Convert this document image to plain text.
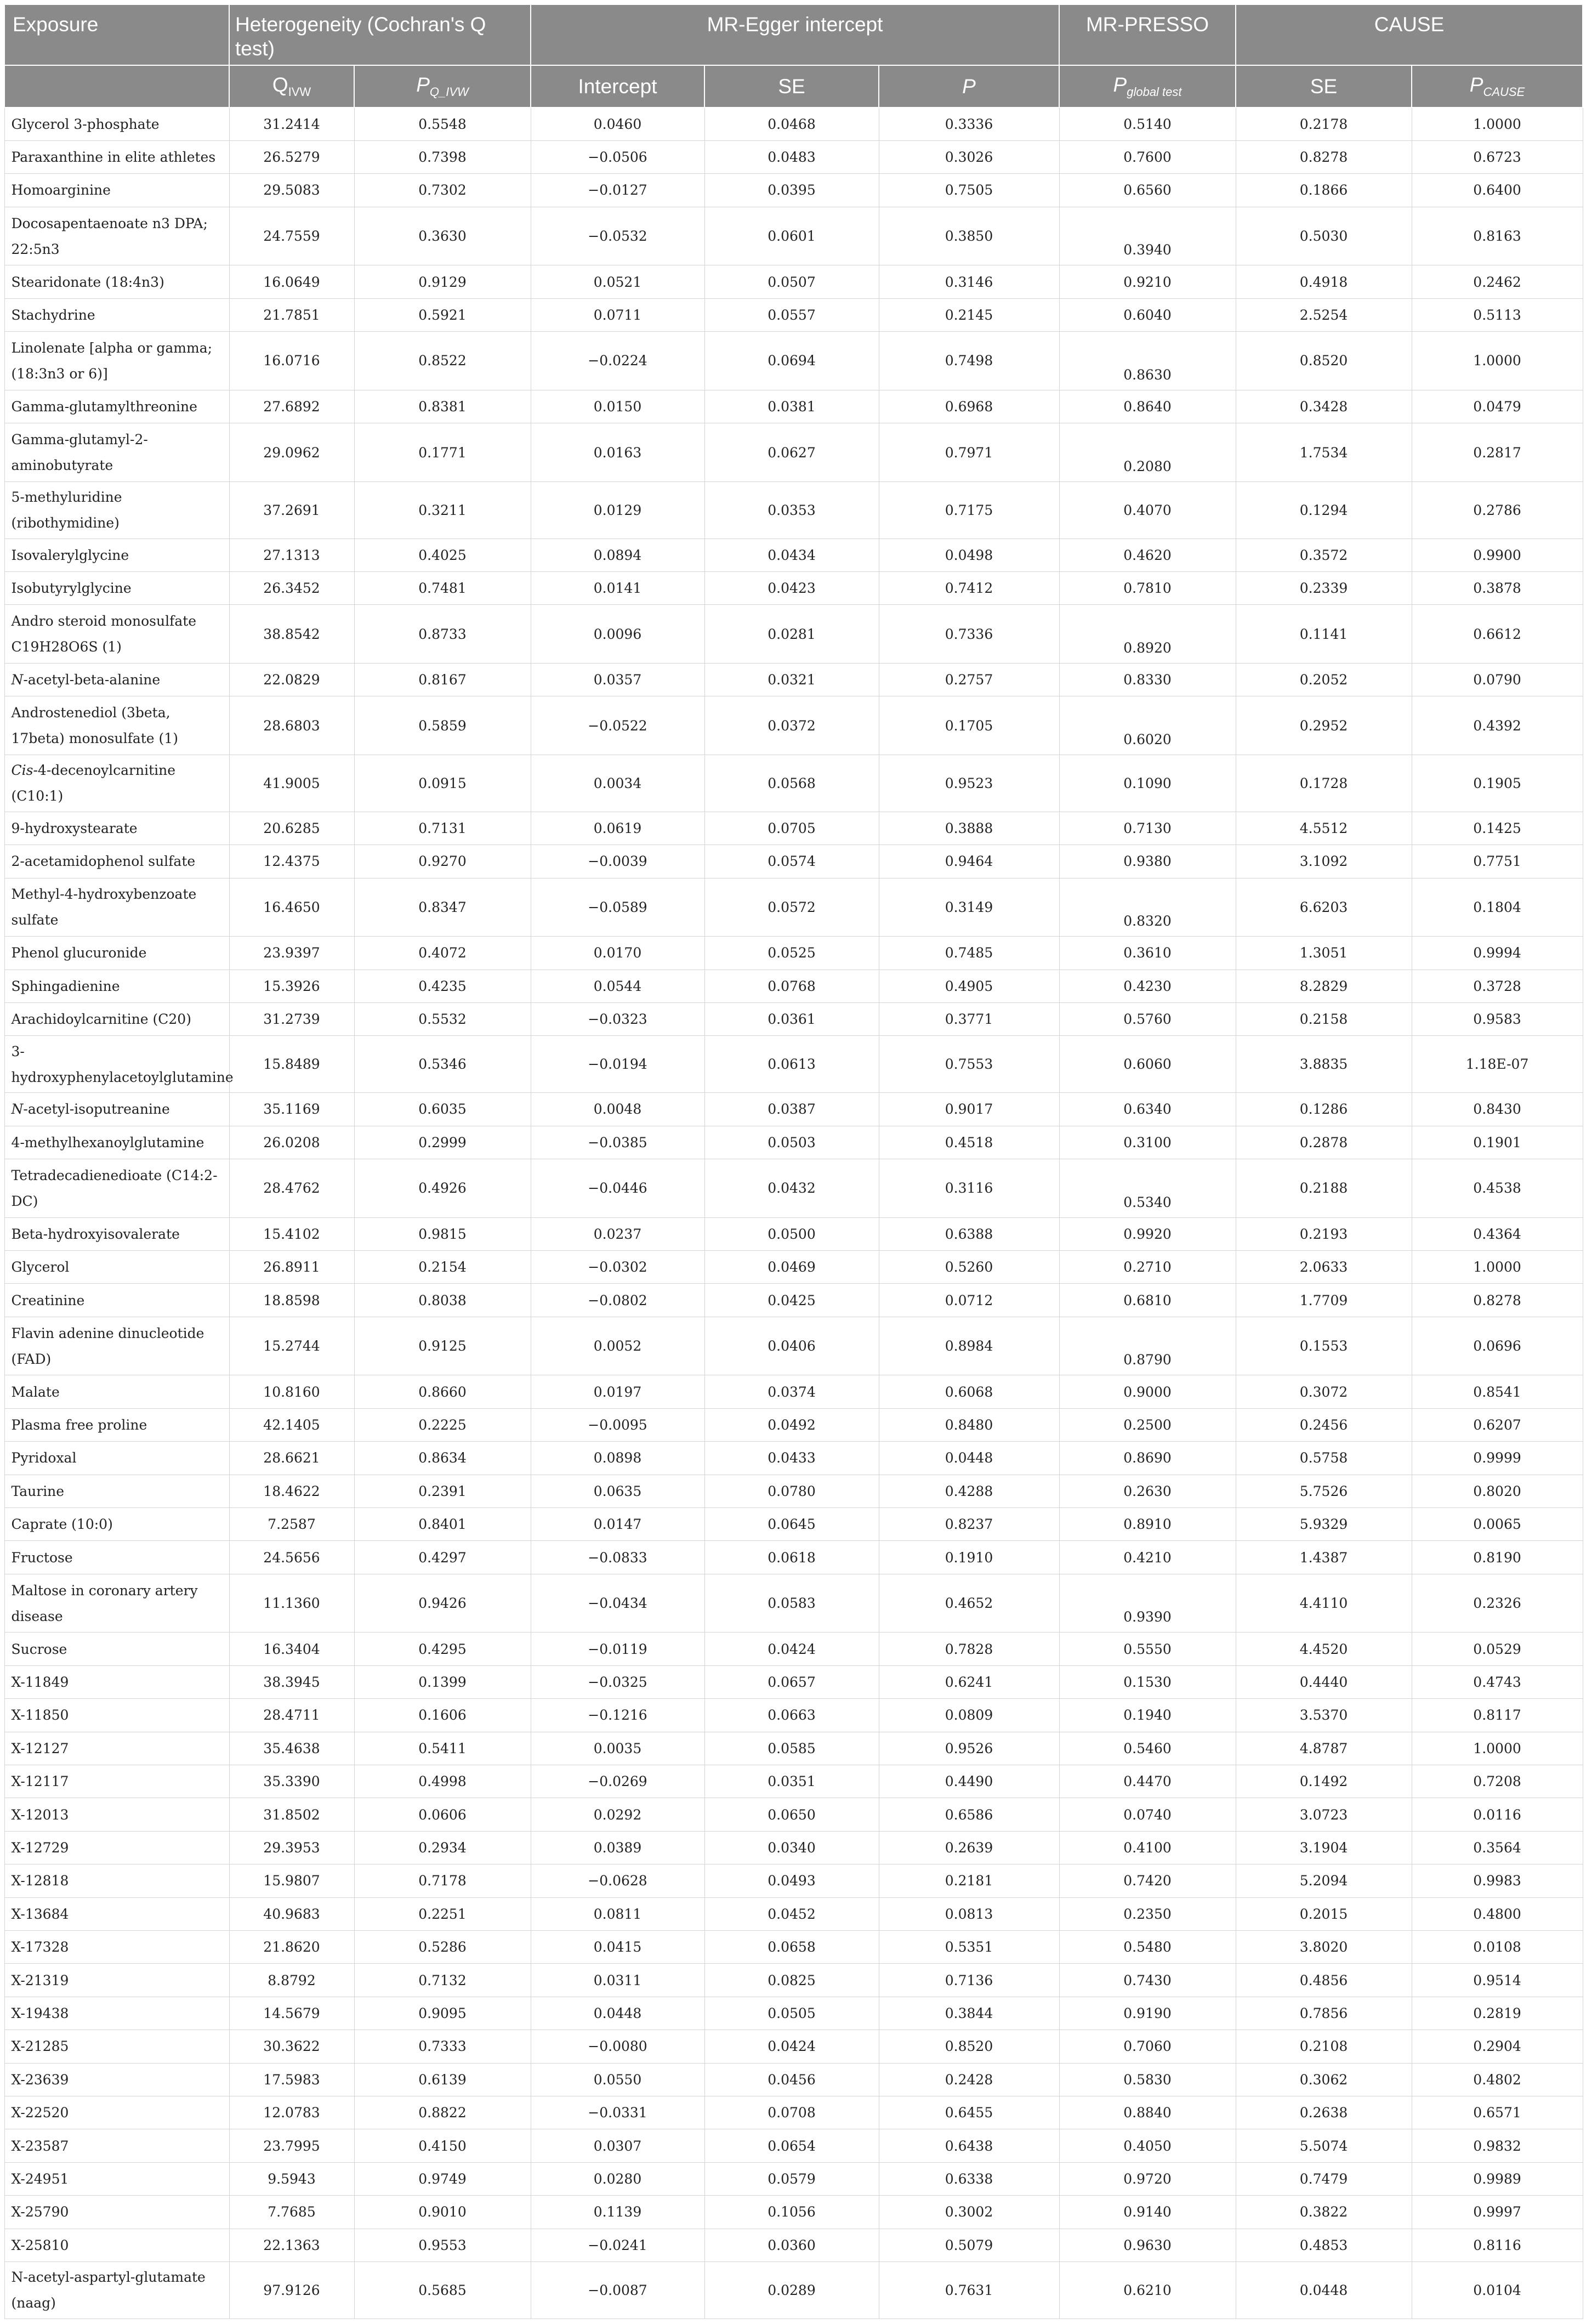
Exposure	Heterogeneity (Cochran's Q test)		MR-Egger intercept			MR-PRESSO	CAUSE	
	$Q_{IVW}$	$P_{Q\_IVW}$	Intercept	SE	P	$P_{global test}$	SE	$P_{CAUSE}$
Glycerol 3-phosphate	31.2414	0.5548	0.0460	0.0468	0.3336	0.5140	0.2178	1.0000
Paraxanthine in elite athletes	26.5279	0.7398	−0.0506	0.0483	0.3026	0.7600	0.8278	0.6723
Homoarginine	29.5083	0.7302	−0.0127	0.0395	0.7505	0.6560	0.1866	0.6400
Docosapentaenoate n3 DPA; 22:5n3	24.7559	0.3630	−0.0532	0.0601	0.3850	0.3940	0.5030	0.8163
Stearidonate (18:4n3)	16.0649	0.9129	0.0521	0.0507	0.3146	0.9210	0.4918	0.2462
Stachydrine	21.7851	0.5921	0.0711	0.0557	0.2145	0.6040	2.5254	0.5113
Linolenate [alpha or gamma; (18:3n3 or 6)]	16.0716	0.8522	−0.0224	0.0694	0.7498	0.8630	0.8520	1.0000
Gamma-glutamylthreonine	27.6892	0.8381	0.0150	0.0381	0.6968	0.8640	0.3428	0.0479
Gamma-glutamyl-2-aminobutyrate	29.0962	0.1771	0.0163	0.0627	0.7971	0.2080	1.7534	0.2817
5-methyluridine (ribothymidine)	37.2691	0.3211	0.0129	0.0353	0.7175	0.4070	0.1294	0.2786
Isovalerylglycine	27.1313	0.4025	0.0894	0.0434	0.0498	0.4620	0.3572	0.9900
Isobutyrylglycine	26.3452	0.7481	0.0141	0.0423	0.7412	0.7810	0.2339	0.3878
Andro steroid monosulfate C19H28O6S (1)	38.8542	0.8733	0.0096	0.0281	0.7336	0.8920	0.1141	0.6612
N-acetyl-beta-alanine	22.0829	0.8167	0.0357	0.0321	0.2757	0.8330	0.2052	0.0790
Androstenediol (3beta, 17beta) monosulfate (1)	28.6803	0.5859	−0.0522	0.0372	0.1705	0.6020	0.2952	0.4392
Cis-4-decenoylcarnitine (C10:1)	41.9005	0.0915	0.0034	0.0568	0.9523	0.1090	0.1728	0.1905
9-hydroxystearate	20.6285	0.7131	0.0619	0.0705	0.3888	0.7130	4.5512	0.1425
2-acetamidophenol sulfate	12.4375	0.9270	−0.0039	0.0574	0.9464	0.9380	3.1092	0.7751
Methyl-4-hydroxybenzoate sulfate	16.4650	0.8347	−0.0589	0.0572	0.3149	0.8320	6.6203	0.1804
Phenol glucuronide	23.9397	0.4072	0.0170	0.0525	0.7485	0.3610	1.3051	0.9994
Sphingadienine	15.3926	0.4235	0.0544	0.0768	0.4905	0.4230	8.2829	0.3728
Arachidoylcarnitine (C20)	31.2739	0.5532	−0.0323	0.0361	0.3771	0.5760	0.2158	0.9583
3-hydroxyphenylacetoylglutamine	15.8489	0.5346	−0.0194	0.0613	0.7553	0.6060	3.8835	1.18E-07
N-acetyl-isoputreanine	35.1169	0.6035	0.0048	0.0387	0.9017	0.6340	0.1286	0.8430
4-methylhexanoylglutamine	26.0208	0.2999	−0.0385	0.0503	0.4518	0.3100	0.2878	0.1901
Tetradecadienedioate (C14:2-DC)	28.4762	0.4926	−0.0446	0.0432	0.3116	0.5340	0.2188	0.4538
Beta-hydroxyisovalerate	15.4102	0.9815	0.0237	0.0500	0.6388	0.9920	0.2193	0.4364
Glycerol	26.8911	0.2154	−0.0302	0.0469	0.5260	0.2710	2.0633	1.0000
Creatinine	18.8598	0.8038	−0.0802	0.0425	0.0712	0.6810	1.7709	0.8278
Flavin adenine dinucleotide (FAD)	15.2744	0.9125	0.0052	0.0406	0.8984	0.8790	0.1553	0.0696
Malate	10.8160	0.8660	0.0197	0.0374	0.6068	0.9000	0.3072	0.8541
Plasma free proline	42.1405	0.2225	−0.0095	0.0492	0.8480	0.2500	0.2456	0.6207
Pyridoxal	28.6621	0.8634	0.0898	0.0433	0.0448	0.8690	0.5758	0.9999
Taurine	18.4622	0.2391	0.0635	0.0780	0.4288	0.2630	5.7526	0.8020
Caprate (10:0)	7.2587	0.8401	0.0147	0.0645	0.8237	0.8910	5.9329	0.0065
Fructose	24.5656	0.4297	−0.0833	0.0618	0.1910	0.4210	1.4387	0.8190
Maltose in coronary artery disease	11.1360	0.9426	−0.0434	0.0583	0.4652	0.9390	4.4110	0.2326
Sucrose	16.3404	0.4295	−0.0119	0.0424	0.7828	0.5550	4.4520	0.0529
X-11849	38.3945	0.1399	−0.0325	0.0657	0.6241	0.1530	0.4440	0.4743
X-11850	28.4711	0.1606	−0.1216	0.0663	0.0809	0.1940	3.5370	0.8117
X-12127	35.4638	0.5411	0.0035	0.0585	0.9526	0.5460	4.8787	1.0000
X-12117	35.3390	0.4998	−0.0269	0.0351	0.4490	0.4470	0.1492	0.7208
X-12013	31.8502	0.0606	0.0292	0.0650	0.6586	0.0740	3.0723	0.0116
X-12729	29.3953	0.2934	0.0389	0.0340	0.2639	0.4100	3.1904	0.3564
X-12818	15.9807	0.7178	−0.0628	0.0493	0.2181	0.7420	5.2094	0.9983
X-13684	40.9683	0.2251	0.0811	0.0452	0.0813	0.2350	0.2015	0.4800
X-17328	21.8620	0.5286	0.0415	0.0658	0.5351	0.5480	3.8020	0.0108
X-21319	8.8792	0.7132	0.0311	0.0825	0.7136	0.7430	0.4856	0.9514
X-19438	14.5679	0.9095	0.0448	0.0505	0.3844	0.9190	0.7856	0.2819
X-21285	30.3622	0.7333	−0.0080	0.0424	0.8520	0.7060	0.2108	0.2904
X-23639	17.5983	0.6139	0.0550	0.0456	0.2428	0.5830	0.3062	0.4802
X-22520	12.0783	0.8822	−0.0331	0.0708	0.6455	0.8840	0.2638	0.6571
X-23587	23.7995	0.4150	0.0307	0.0654	0.6438	0.4050	5.5074	0.9832
X-24951	9.5943	0.9749	0.0280	0.0579	0.6338	0.9720	0.7479	0.9989
X-25790	7.7685	0.9010	0.1139	0.1056	0.3002	0.9140	0.3822	0.9997
X-25810	22.1363	0.9553	−0.0241	0.0360	0.5079	0.9630	0.4853	0.8116
N-acetyl-aspartyl-glutamate (naag)	97.9126	0.5685	−0.0087	0.0289	0.7631	0.6210	0.0448	0.0104
